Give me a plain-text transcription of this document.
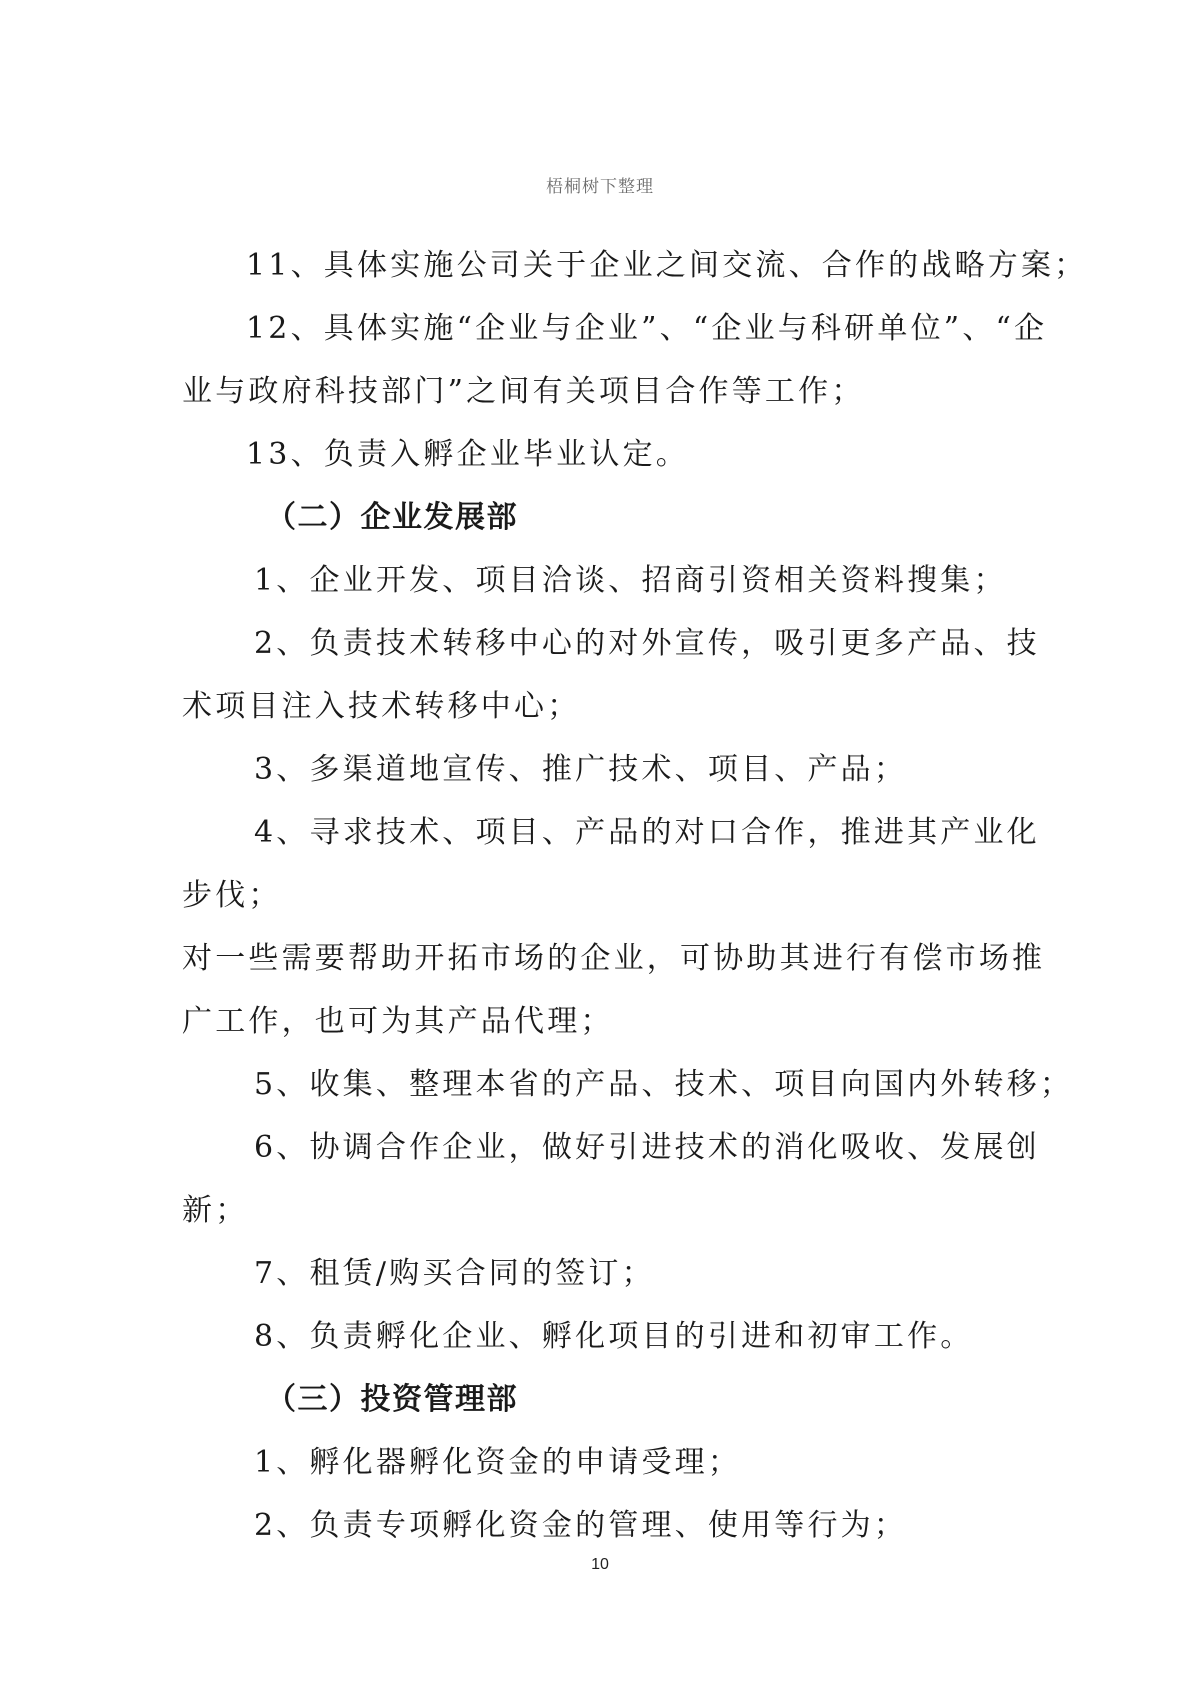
梧桐树下整理
11、具体实施公司关于企业之间交流、合作的战略方案；
12、具体实施“企业与企业”、“企业与科研单位”、“企
业与政府科技部门”之间有关项目合作等工作；
13、负责入孵企业毕业认定。
（二）企业发展部
1、企业开发、项目洽谈、招商引资相关资料搜集；
2、负责技术转移中心的对外宣传，吸引更多产品、技
术项目注入技术转移中心；
3、多渠道地宣传、推广技术、项目、产品；
4、寻求技术、项目、产品的对口合作，推进其产业化
步伐；
对一些需要帮助开拓市场的企业，可协助其进行有偿市场推
广工作，也可为其产品代理；
5、收集、整理本省的产品、技术、项目向国内外转移；
6、协调合作企业，做好引进技术的消化吸收、发展创
新；
7、租赁/购买合同的签订；
8、负责孵化企业、孵化项目的引进和初审工作。
（三）投资管理部
1、孵化器孵化资金的申请受理；
2、负责专项孵化资金的管理、使用等行为；
10
